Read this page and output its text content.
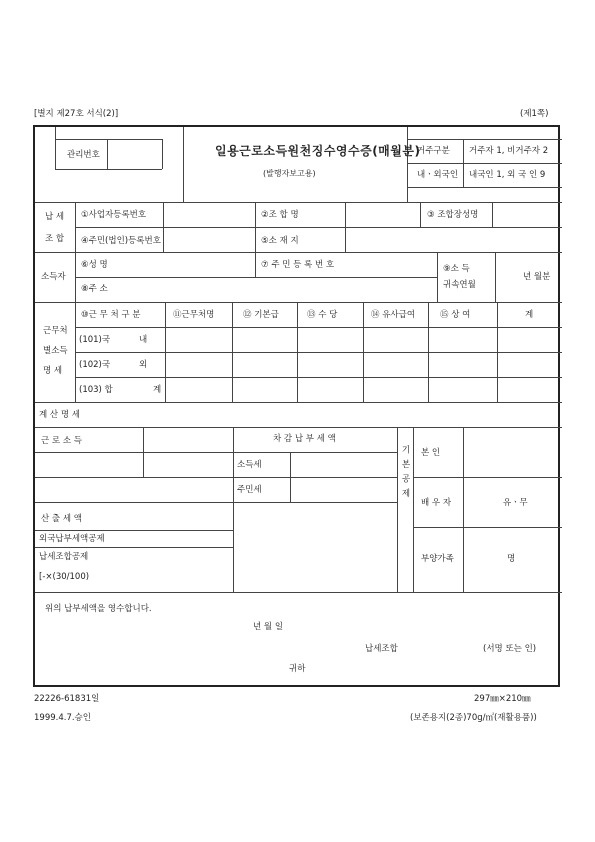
[별지 제27호 서식(2)]	(제1쪽)
관리번호	일용근로소득원천징수영수증(매월분)
(발행자보고용)
거주구분 거주자 1, 비거주자 2
내ㆍ외국인 내국인 1, 외 국 인 9
납 세
조 합
①사업자등록번호	②조 합 명	③ 조합장성명
④주민(법인)등록번호	⑤소 재 지
소득자
⑥성 명	⑦ 주 민 등 록 번 호
⑧주 소
⑨소 득
귀속연월
년 월분
근무처
별소득
명 세
⑩근 무 처 구 분	⑪근무처명	⑫ 기본급	⑬ 수 당	⑭ 유사급여	⑮ 상 여	계
(101)국	내
(102)국	외
(103) 합	계
계 산 명 세
근 로 소 득	차 감 납 부 세 액
소득세
주민세
산 출 세 액
외국납부세액공제
납세조합공제
[-×(30/100)
기본공제 본 인
배 우 자	유ㆍ무
부양가족	명
위의 납부세액을 영수합니다.
년 월 일
납세조합	(서명 또는 인)
귀하
22226-61831일
1999.4.7.승인
297㎜×210㎜
(보존용지(2종)70g/㎡(재활용품))
